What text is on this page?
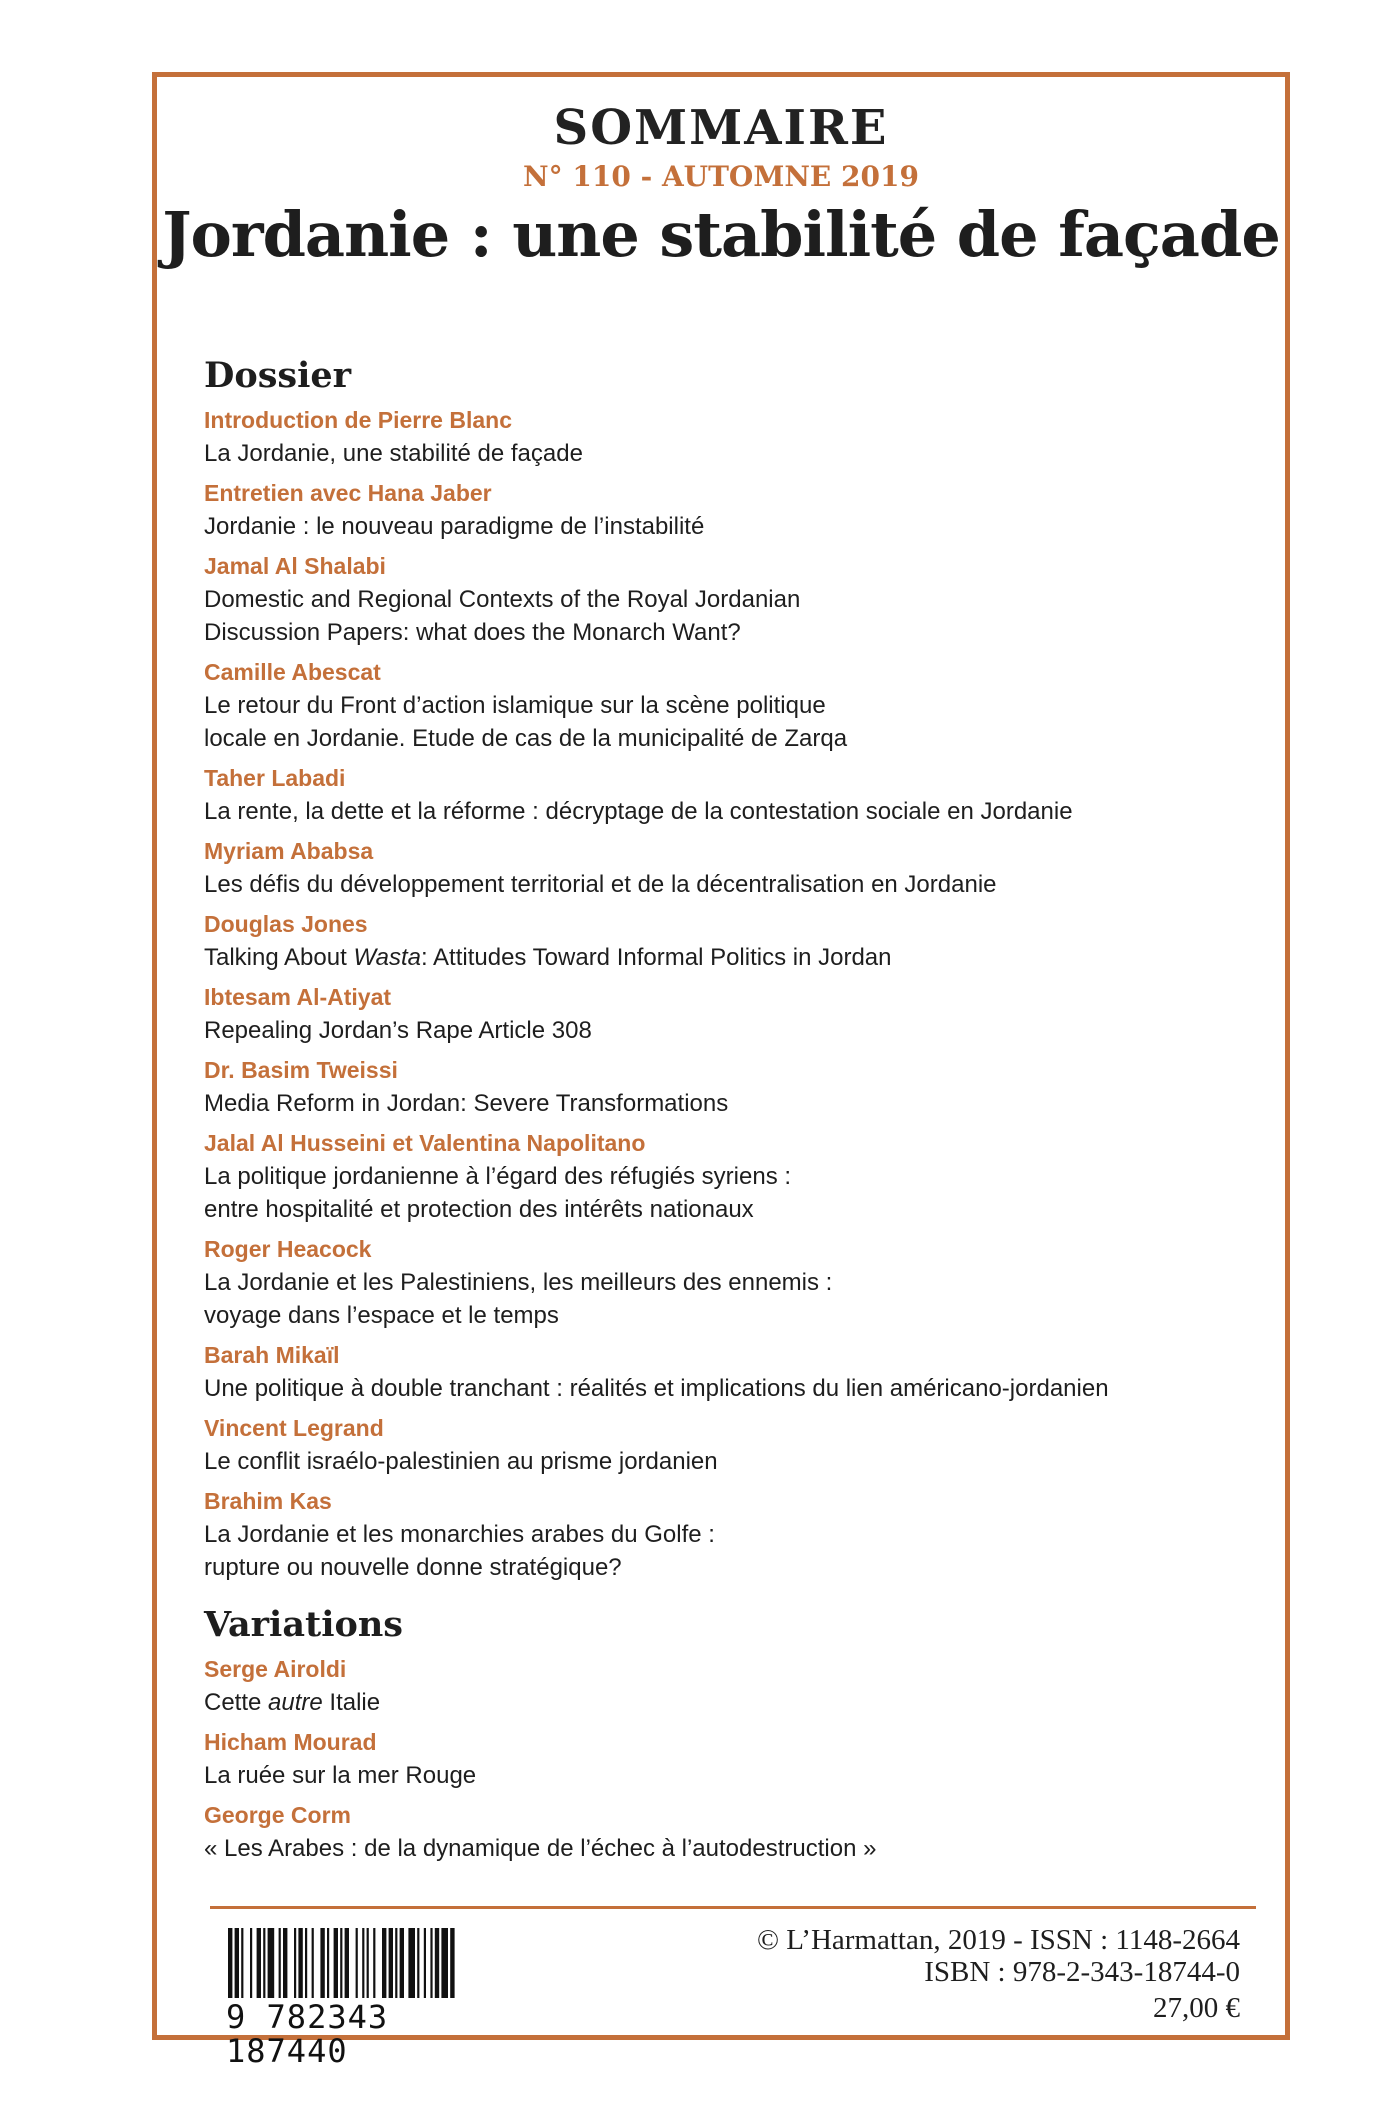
SOMMAIRE
N° 110 - AUTOMNE 2019
Jordanie : une stabilité de façade
Dossier
Introduction de Pierre Blanc
La Jordanie, une stabilité de façade
Entretien avec Hana Jaber
Jordanie : le nouveau paradigme de l’instabilité
Jamal Al Shalabi
Domestic and Regional Contexts of the Royal Jordanian
Discussion Papers: what does the Monarch Want?
Camille Abescat
Le retour du Front d’action islamique sur la scène politique
locale en Jordanie. Etude de cas de la municipalité de Zarqa
Taher Labadi
La rente, la dette et la réforme : décryptage de la contestation sociale en Jordanie
Myriam Ababsa
Les défis du développement territorial et de la décentralisation en Jordanie
Douglas Jones
Talking About Wasta: Attitudes Toward Informal Politics in Jordan
Ibtesam Al-Atiyat
Repealing Jordan’s Rape Article 308
Dr. Basim Tweissi
Media Reform in Jordan: Severe Transformations
Jalal Al Husseini et Valentina Napolitano
La politique jordanienne à l’égard des réfugiés syriens :
entre hospitalité et protection des intérêts nationaux
Roger Heacock
La Jordanie et les Palestiniens, les meilleurs des ennemis :
voyage dans l’espace et le temps
Barah Mikaïl
Une politique à double tranchant : réalités et implications du lien américano-jordanien
Vincent Legrand
Le conflit israélo-palestinien au prisme jordanien
Brahim Kas
La Jordanie et les monarchies arabes du Golfe :
rupture ou nouvelle donne stratégique?
Variations
Serge Airoldi
Cette autre Italie
Hicham Mourad
La ruée sur la mer Rouge
George Corm
« Les Arabes : de la dynamique de l’échec à l’autodestruction »
9 782343 187440
© L’Harmattan, 2019 - ISSN : 1148-2664
ISBN : 978-2-343-18744-0
27,00 €
